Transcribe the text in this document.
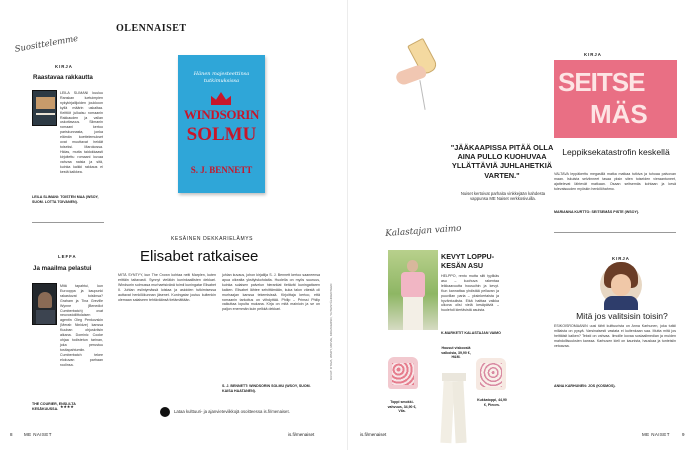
OLENNAISET
Suosittelemme
KIRJA
Raastavaa rakkautta
LEILA SLIMANI kuuluu Ranskan luetuimpien nykykirjailijoiden joukkoon kyllä määrin uskaltaa. Keittiöt julkaisu romaanin Rakkauden ja vallan uskottavuus. Slimanin romaani kertoo pariskunnasta, jonka elämän koettelemukset ovat muuttavat heidät toiseksi. Marokossa. Hidas, mutta taidokkaasti kirjoitettu romaani kuvaa vahvaa naisia ja sitä, kuinka kaikki rakkaus ei kestä kaikkea.
LEILA SLIMANI: TOISTEN MAA (WSOY, SUOM. LOTTA TOIVANEN).
LEFFA
Ja maailma pelastui
Mitä tapahtui, kun Eurooppa ja kaupunki rakastuvat toisiinsa? Graham ja Tina Greville Wynne (Benedict Cumberbatch) ovat neuvostoliittolaisen agentin Oleg Penkovskin (Merab Ninidze) kanssa Kuuban ohjuskriisin aikana. Dominic Cooke ohjaa todistetun tarinan, joka perustuu tositapahtumiin. Cumberbatch tekee elokuvan parhaan roolinsa.
THE COURIER, ENSI-ILTA KESÄKUUSSA. ★★★★
Hänen majesteettinsa
tutkimuksissa
WINDSORIN
SOLMU
S. J. BENNETT
KESÄINEN DEKKARIELÄMYS
Elisabet ratkaisee
MITÄ SYNTYY, kun The Crown kohtaa neiti Marplen, kuten erittäin taitavasti. Synnyt vieläkin kuninkaallisten dekkari. Windsorin solmussa murhaetsivänä toimii kuningatar Elisabet II. Juhlan esiintymässä loistaa ja asioiden tutkimisessa auttavat henkilökunnan jäsenet. Kuningatar joutuu kuitenkin olemaan salaiseen tehtäväänsä tietämättään.
juhlan kuvaus, johon kirjailija S. J. Bennett kertoo saaneensa apua oikealta yksityiskohdalta. Huolella on myös suuruus, kuinka sulaisen palvelun hierarkiat tietävät kuningattaren kaiken. Elisabet lähtee selvittämään, kuka talon väestä oli murhaajan kanssa tekemisissä. Kirjoittaja kertoo, että romaanin tarkoitus on viihdyttää. Philip – Prinssi Philip vaikuttaa lopulta mukana. Kirja on mitä mainioin ja se on paljon enemmän kuin pelkkä dekkari.
S. J. BENNETT: WINDSORIN SOLMU (WSOY, SUOM. KAISA HAATANEN).
Lataa kulttuuri- ja ajanvieteviikkojä osoitteessa is.fi/menaiset.
KUVAT: OTAVA, WSOY, MOVIE, KIRJAVERSO, YHTEISTÄLIIKENTEEN
8	ME NAISET	is.fi/menaiset
"JÄÄKAAPISSA PITÄÄ OLLA AINA PULLO KUOHUVAA YLLÄTTÄVIÄ JUHLAHETKIÄ VARTEN."
Nuiset kertoivat parhaita vinkkejään kahdesta vappunsa ME Naiset verkkosivuilla.
Kalastajan vaimo
KEVYT LOPPU-KESÄN ASU
HELPPO, rento mutta silti tyylikäs asu – kuohuva rakentaa leikkaavuutta housuihin ja kevyt. Kun kannattaa yhdistää pellavan ja puuvillan paria – yksinkertaista ja hyväntuulista. Eikä haittaa vaikka ulkona olisi vielä kesäpäiviä – huolehdi kiertävistä asuista.
K-MARKETIT KALASTAJAN VAIMO
Housut viskoosiä valkoisia, 39,90 €, H&M.
Toppi smokkivahvuus, 34,90 €, Vila.
Kukkatoppi, 44,90 €, Pieces.
KIRJA
SEITSE
MÄS
Leppiksekatastrofin keskellä
VALTAVA leppäkerttu megasillä matka matkaa tutkiva ja tuhoaa palvovan maan. Iskuista selviinneet tasaa yksin siten toiseiden vieraantuneet, ajattelevat lähtevät matkaan. Osaan seitsemäs kohtaan ja kesä tulevaisuuden myöskin henkilöhahmo.
MARIANNA KURTTO: SEITSEMÄS PISTE (WSOY).
KIRJA
Mitä jos valitsisin toisin?
ESIKOISROMAANIN uusi tähti kulttuurista on Anna Karhunen, joka tutkii millaista on pysyä. Varsinaisesti vastata ei kuitenkaan saa. Mutta mitä jos heittäisit kaiken? Teksti on vahvaa. Ilmoille kovaa sosiaalimedian ja muiden mahdollisuuksien kanssa. Karhusen kieli on kaunista, hauskaa ja tunteisiin vetoavaa.
ANNA KARHUNEN: JOS (KOSMOS).
is.fi/menaiset	ME NAISET	9
